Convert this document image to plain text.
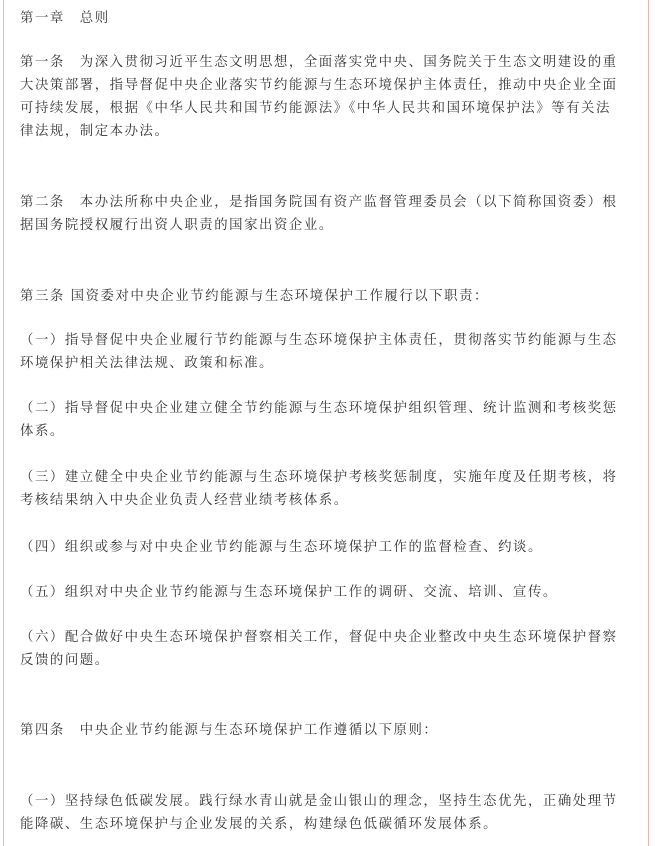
第一章　总则
第一条　为深入贯彻习近平生态文明思想，全面落实党中央、国务院关于生态文明建设的重
大决策部署，指导督促中央企业落实节约能源与生态环境保护主体责任，推动中央企业全面
可持续发展，根据《中华人民共和国节约能源法》《中华人民共和国环境保护法》等有关法
律法规，制定本办法。
第二条　本办法所称中央企业，是指国务院国有资产监督管理委员会（以下简称国资委）根
据国务院授权履行出资人职责的国家出资企业。
第三条 国资委对中央企业节约能源与生态环境保护工作履行以下职责：
（一）指导督促中央企业履行节约能源与生态环境保护主体责任，贯彻落实节约能源与生态
环境保护相关法律法规、政策和标准。
（二）指导督促中央企业建立健全节约能源与生态环境保护组织管理、统计监测和考核奖惩
体系。
（三）建立健全中央企业节约能源与生态环境保护考核奖惩制度，实施年度及任期考核，将
考核结果纳入中央企业负责人经营业绩考核体系。
（四）组织或参与对中央企业节约能源与生态环境保护工作的监督检查、约谈。
（五）组织对中央企业节约能源与生态环境保护工作的调研、交流、培训、宣传。
（六）配合做好中央生态环境保护督察相关工作，督促中央企业整改中央生态环境保护督察
反馈的问题。
第四条　中央企业节约能源与生态环境保护工作遵循以下原则：
（一）坚持绿色低碳发展。践行绿水青山就是金山银山的理念，坚持生态优先，正确处理节
能降碳、生态环境保护与企业发展的关系，构建绿色低碳循环发展体系。
